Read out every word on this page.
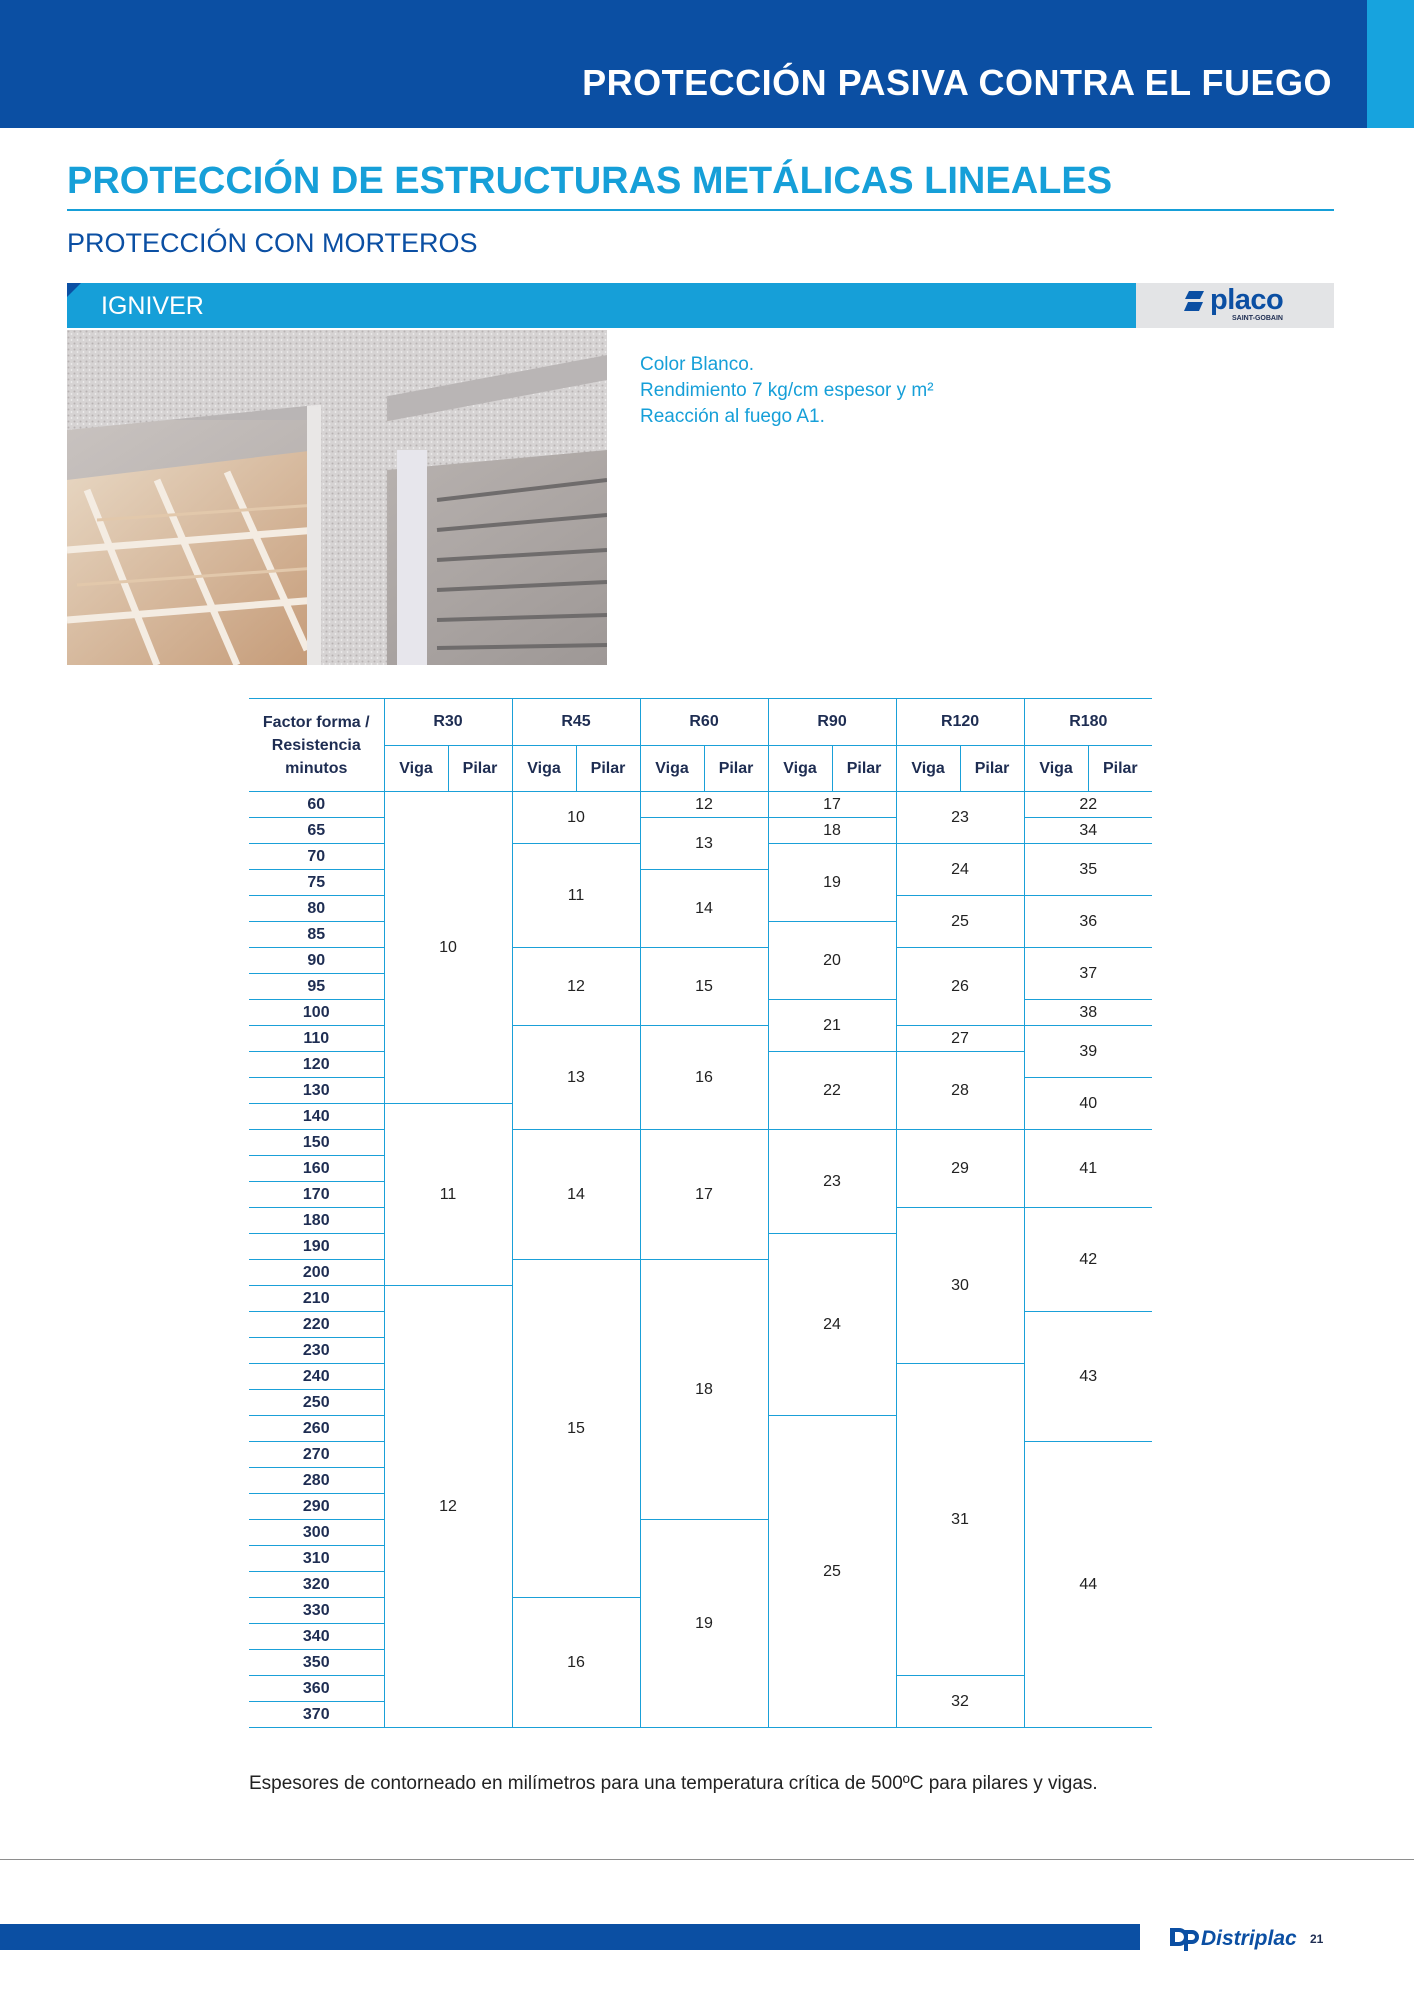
PROTECCIÓN PASIVA CONTRA EL FUEGO
PROTECCIÓN DE ESTRUCTURAS METÁLICAS LINEALES
PROTECCIÓN CON MORTEROS
IGNIVER	placo
SAINT-GOBAIN
Color Blanco.
Rendimiento 7 kg/cm espesor y m²
Reacción al fuego A1.
Factor forma /
Resistencia
minutos	R30		R45		R60		R90		R120		R180	
	Viga	Pilar	Viga	Pilar	Viga	Pilar	Viga	Pilar	Viga	Pilar	Viga	Pilar
60	10		10		12		17		23		22	
65					13		18				34	
70			11				19		24		35	
75					14							
80									25		36	
85							20					
90			12		15				26		37	
95												
100							21				38	
110			13		16				27		39	
120							22		28			
130											40	
140	11											
150			14		17		23		29		41	
160												
170												
180									30		42	
190							24					
200			15		18							
210	12											
220											43	
230												
240									31			
250												
260							25					
270											44	
280												
290												
300					19							
310												
320												
330			16									
340												
350												
360									32			
370												
Espesores de contorneado en milímetros para una temperatura crítica de 500ºC para pilares y vigas.
Distriplac 21
